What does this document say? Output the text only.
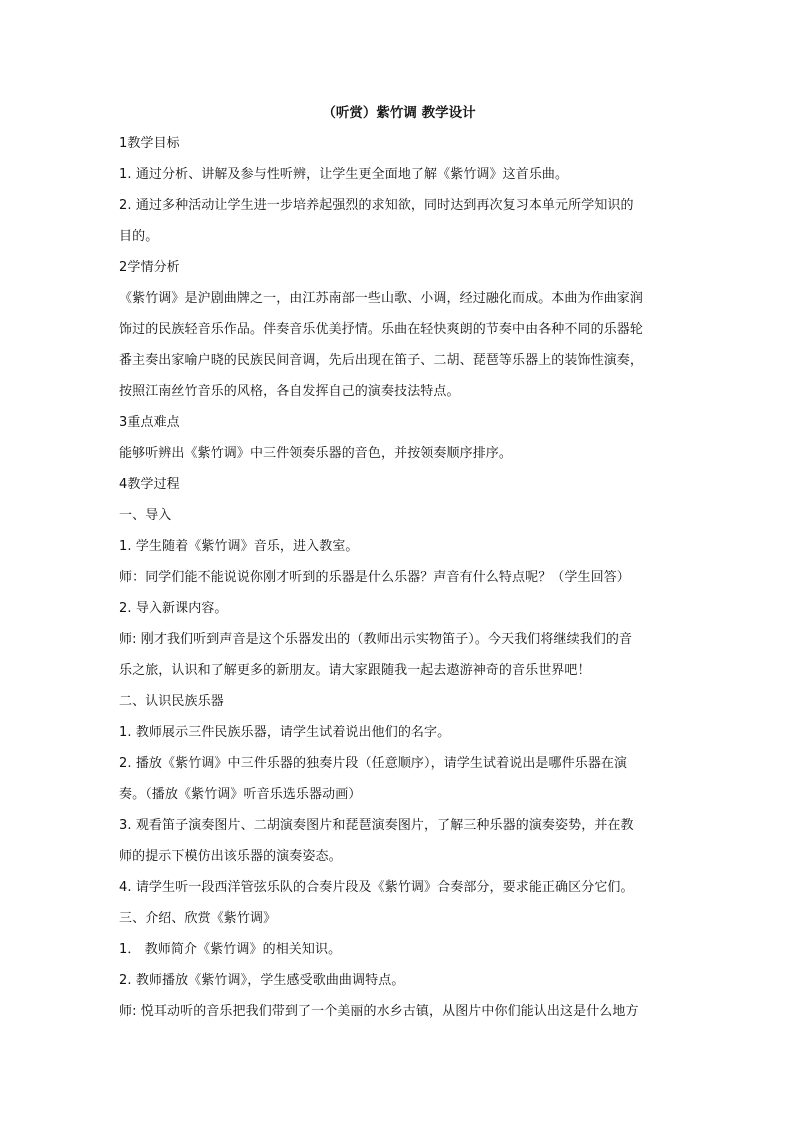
（听赏）紫竹调 教学设计

1教学目标

1. 通过分析、讲解及参与性听辨，让学生更全面地了解《紫竹调》这首乐曲。

2. 通过多种活动让学生进一步培养起强烈的求知欲，同时达到再次复习本单元所学知识的
目的。

2学情分析

《紫竹调》是沪剧曲牌之一，由江苏南部一些山歌、小调，经过融化而成。本曲为作曲家润
饰过的民族轻音乐作品。伴奏音乐优美抒情。乐曲在轻快爽朗的节奏中由各种不同的乐器轮
番主奏出家喻户晓的民族民间音调，先后出现在笛子、二胡、琵琶等乐器上的装饰性演奏，
按照江南丝竹音乐的风格，各自发挥自己的演奏技法特点。

3重点难点

能够听辨出《紫竹调》中三件领奏乐器的音色，并按领奏顺序排序。

4教学过程

一、导入

1. 学生随着《紫竹调》音乐，进入教室。

师：同学们能不能说说你刚才听到的乐器是什么乐器？声音有什么特点呢？（学生回答）

2. 导入新课内容。

师: 刚才我们听到声音是这个乐器发出的（教师出示实物笛子）。今天我们将继续我们的音
乐之旅，认识和了解更多的新朋友。请大家跟随我一起去遨游神奇的音乐世界吧！

二、认识民族乐器

1. 教师展示三件民族乐器，请学生试着说出他们的名字。

2. 播放《紫竹调》中三件乐器的独奏片段（任意顺序），请学生试着说出是哪件乐器在演
奏。（播放《紫竹调》听音乐选乐器动画）

3. 观看笛子演奏图片、二胡演奏图片和琵琶演奏图片，了解三种乐器的演奏姿势，并在教
师的提示下模仿出该乐器的演奏姿态。

4. 请学生听一段西洋管弦乐队的合奏片段及《紫竹调》合奏部分，要求能正确区分它们。

三、介绍、欣赏《紫竹调》

1． 教师简介《紫竹调》的相关知识。

2. 教师播放《紫竹调》，学生感受歌曲曲调特点。

师: 悦耳动听的音乐把我们带到了一个美丽的水乡古镇，从图片中你们能认出这是什么地方
